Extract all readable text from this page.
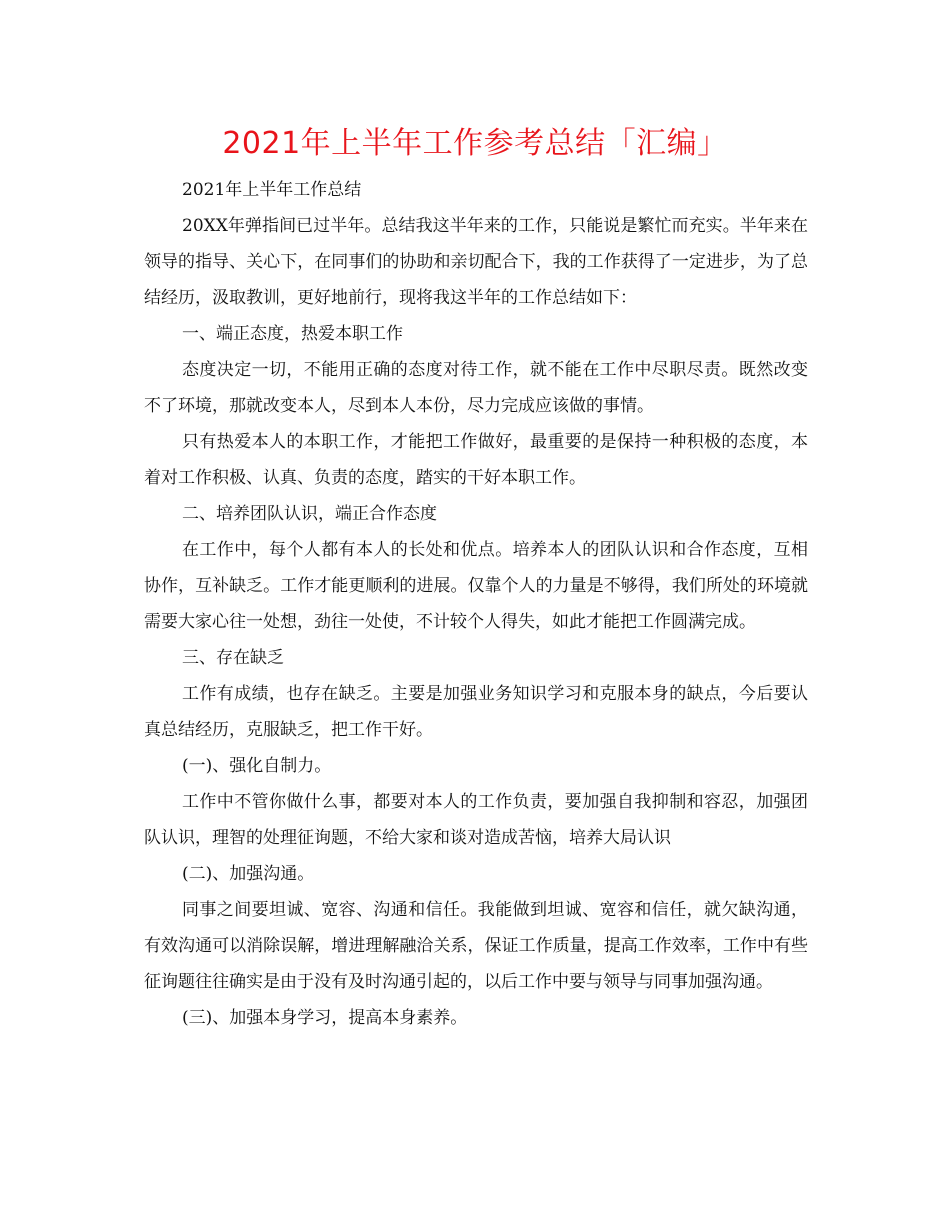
2021年上半年工作参考总结「汇编」

2021年上半年工作总结

20XX年弹指间已过半年。总结我这半年来的工作，只能说是繁忙而充实。半年来在领导的指导、关心下，在同事们的协助和亲切配合下，我的工作获得了一定进步，为了总结经历，汲取教训，更好地前行，现将我这半年的工作总结如下：

一、端正态度，热爱本职工作

态度决定一切，不能用正确的态度对待工作，就不能在工作中尽职尽责。既然改变不了环境，那就改变本人，尽到本人本份，尽力完成应该做的事情。

只有热爱本人的本职工作，才能把工作做好，最重要的是保持一种积极的态度，本着对工作积极、认真、负责的态度，踏实的干好本职工作。

二、培养团队认识，端正合作态度

在工作中，每个人都有本人的长处和优点。培养本人的团队认识和合作态度，互相协作，互补缺乏。工作才能更顺利的进展。仅靠个人的力量是不够得，我们所处的环境就需要大家心往一处想，劲往一处使，不计较个人得失，如此才能把工作圆满完成。

三、存在缺乏

工作有成绩，也存在缺乏。主要是加强业务知识学习和克服本身的缺点，今后要认真总结经历，克服缺乏，把工作干好。

(一)、强化自制力。

工作中不管你做什么事，都要对本人的工作负责，要加强自我抑制和容忍，加强团队认识，理智的处理征询题，不给大家和谈对造成苦恼，培养大局认识

(二)、加强沟通。

同事之间要坦诚、宽容、沟通和信任。我能做到坦诚、宽容和信任，就欠缺沟通，有效沟通可以消除误解，增进理解融洽关系，保证工作质量，提高工作效率，工作中有些征询题往往确实是由于没有及时沟通引起的，以后工作中要与领导与同事加强沟通。

(三)、加强本身学习，提高本身素养。
